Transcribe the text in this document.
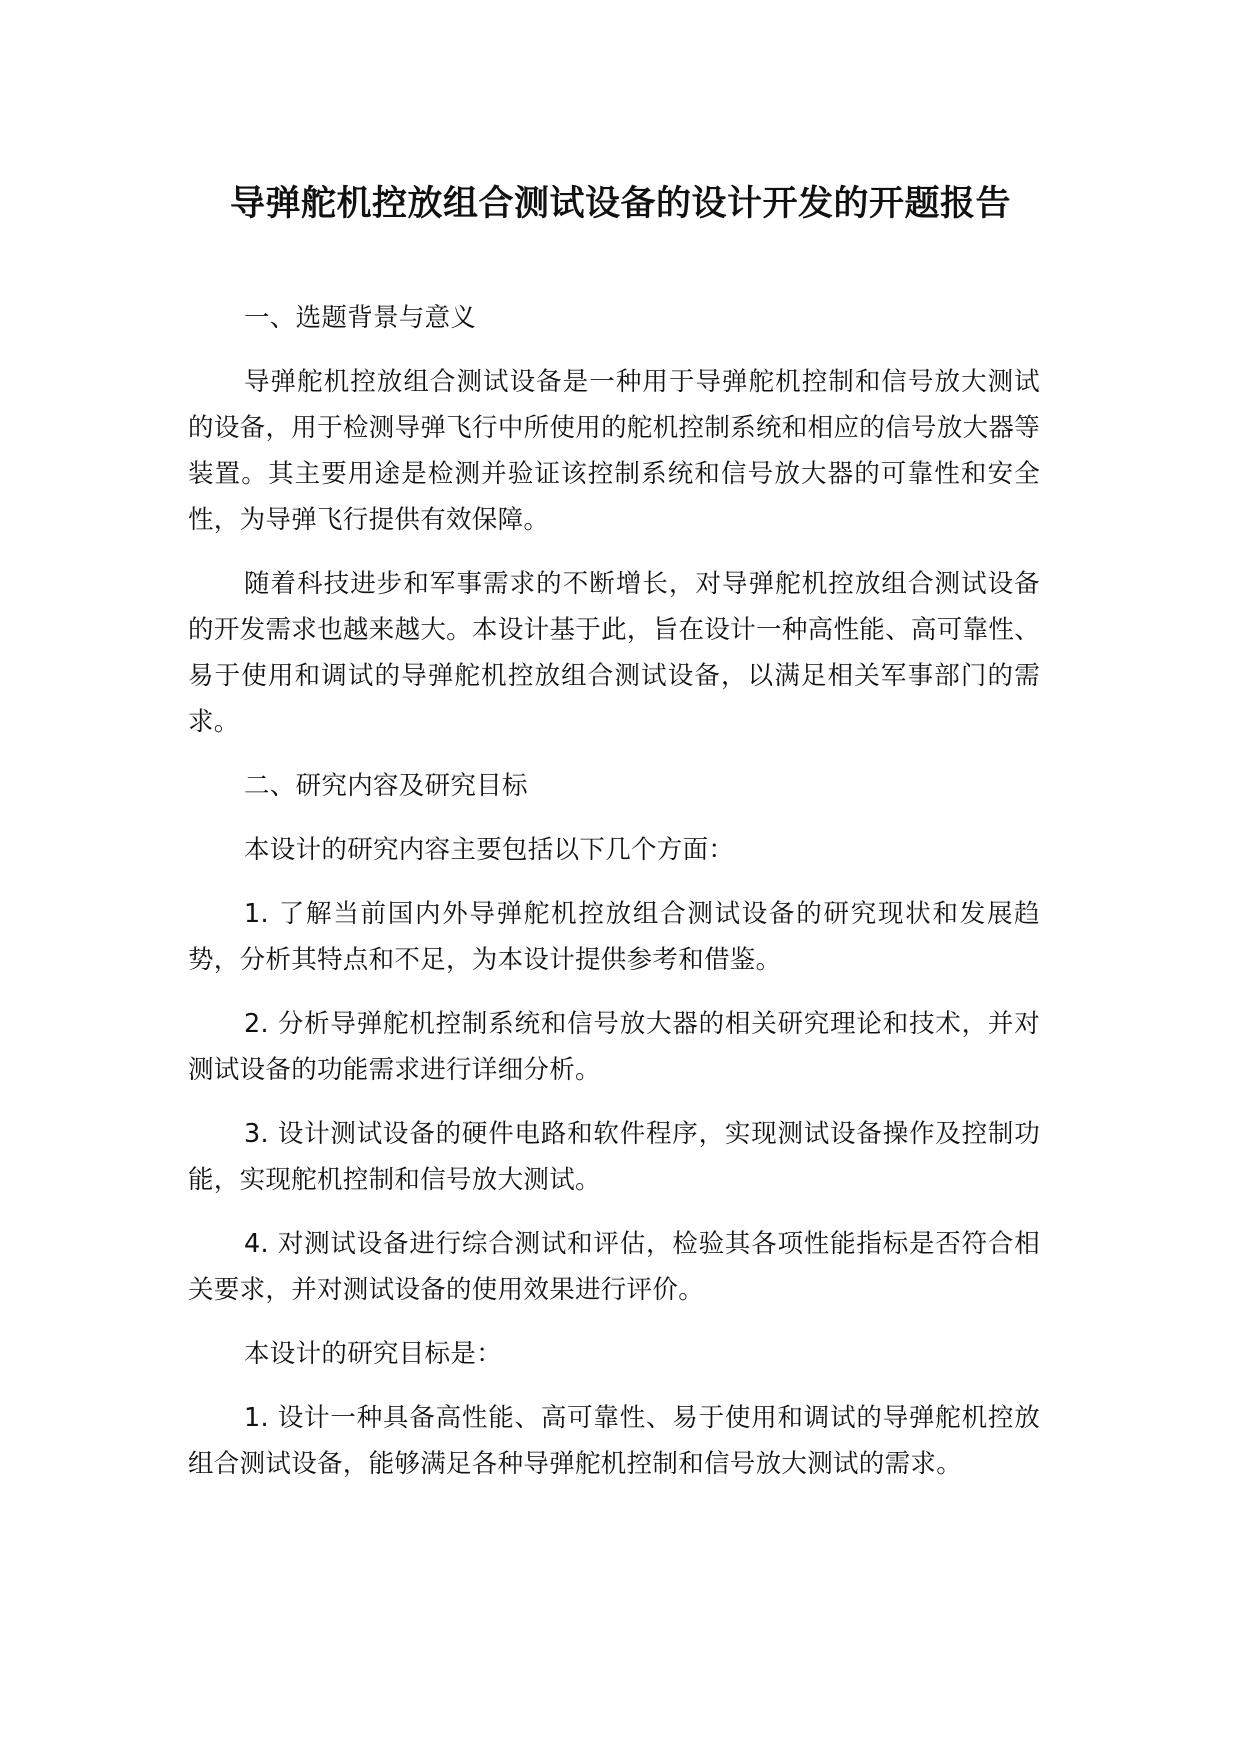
导弹舵机控放组合测试设备的设计开发的开题报告

一、选题背景与意义

导弹舵机控放组合测试设备是一种用于导弹舵机控制和信号放大测试的设备，用于检测导弹飞行中所使用的舵机控制系统和相应的信号放大器等装置。其主要用途是检测并验证该控制系统和信号放大器的可靠性和安全性，为导弹飞行提供有效保障。

随着科技进步和军事需求的不断增长，对导弹舵机控放组合测试设备的开发需求也越来越大。本设计基于此，旨在设计一种高性能、高可靠性、易于使用和调试的导弹舵机控放组合测试设备，以满足相关军事部门的需求。

二、研究内容及研究目标

本设计的研究内容主要包括以下几个方面：

1. 了解当前国内外导弹舵机控放组合测试设备的研究现状和发展趋势，分析其特点和不足，为本设计提供参考和借鉴。

2. 分析导弹舵机控制系统和信号放大器的相关研究理论和技术，并对测试设备的功能需求进行详细分析。

3. 设计测试设备的硬件电路和软件程序，实现测试设备操作及控制功能，实现舵机控制和信号放大测试。

4. 对测试设备进行综合测试和评估，检验其各项性能指标是否符合相关要求，并对测试设备的使用效果进行评价。

本设计的研究目标是：

1. 设计一种具备高性能、高可靠性、易于使用和调试的导弹舵机控放组合测试设备，能够满足各种导弹舵机控制和信号放大测试的需求。
